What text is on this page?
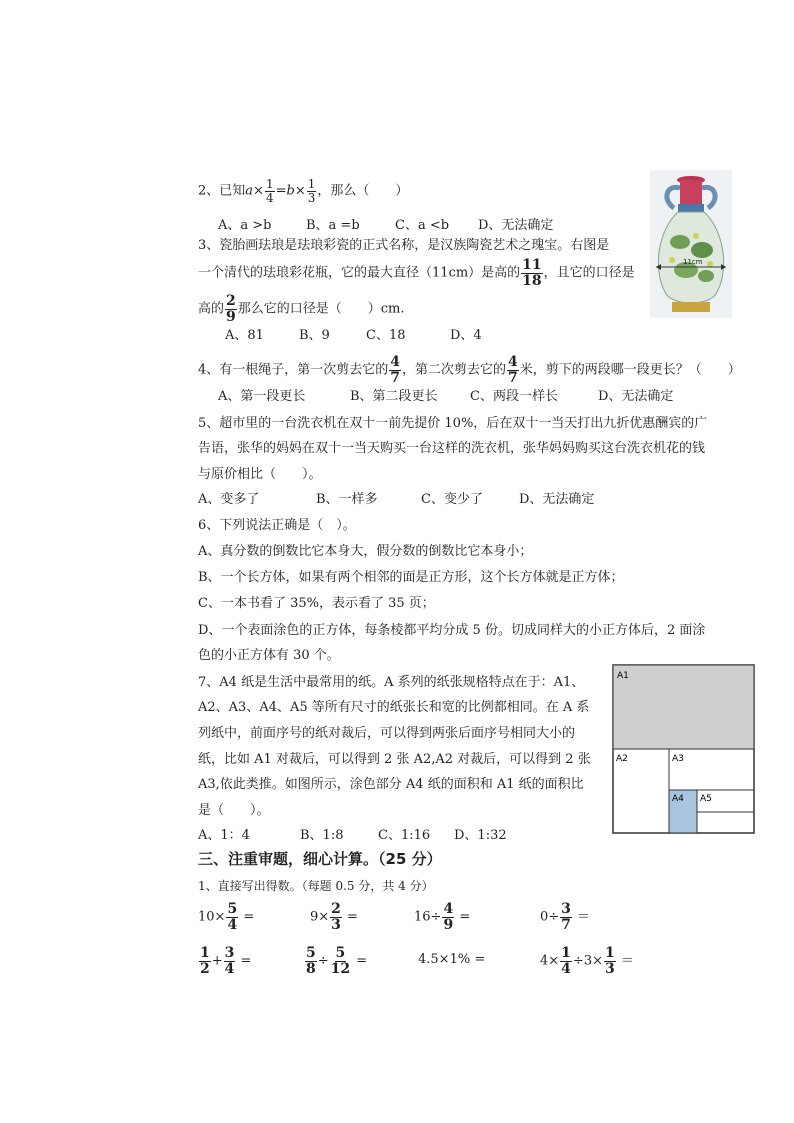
2、已知$a\times \frac{1}{4} =b\times \frac{1}{3}$ ，那么（　　）
A、a >b	B、a =b	C、a <b D、无法确定
3、瓷胎画珐琅是珐琅彩瓷的正式名称，是汉族陶瓷艺术之瑰宝。右图是
一个清代的珐琅彩花瓶，它的最大直径（11cm）是高的 $\frac{11}{18}$ ，且它的口径是
高的 $\frac{2}{9}$ 那么它的口径是（　　）cm.
A、81	B、9	C、18	D、4
11cm
4、有一根绳子，第一次剪去它的 $\frac{4}{7}$ ，第二次剪去它的 $\frac{4}{7}$ 米，剪下的两段哪一段更长？（　　）
A、第一段更长	B、第二段更长 C、两段一样长	D、无法确定
5、超市里的一台洗衣机在双十一前先提价 10%，后在双十一当天打出九折优惠酬宾的广
告语，张华的妈妈在双十一当天购买一台这样的洗衣机，张华妈妈购买这台洗衣机花的钱
与原价相比（　　）。
A、变多了	B、一样多	C、变少了	D、无法确定
6、下列说法正确是（　）。
A、真分数的倒数比它本身大，假分数的倒数比它本身小；
B、一个长方体，如果有两个相邻的面是正方形，这个长方体就是正方体；
C、一本书看了 35%，表示看了 35 页；
D、一个表面涂色的正方体，每条棱都平均分成 5 份。切成同样大的小正方体后，2 面涂
色的小正方体有 30 个。
7、A4 纸是生活中最常用的纸。A 系列的纸张规格特点在于：A1、
A2、A3、A4、A5 等所有尺寸的纸张长和宽的比例都相同。在 A 系
列纸中，前面序号的纸对裁后，可以得到两张后面序号相同大小的
纸，比如 A1 对裁后，可以得到 2 张 A2,A2 对裁后，可以得到 2 张
A3,依此类推。如图所示，涂色部分 A4 纸的面积和 A1 纸的面积比
是（　　）。
A、1：4	B、1:8	C、1:16 D、1:32
A1
A2	A3
A4 A5
三、注重审题，细心计算。（25 分）
1、直接写出得数。（每题 0.5 分，共 4 分）
$10\times \frac{5}{4}$ =	$9\times \frac{2}{3}$ =	$16\div \frac{4}{9}$ =	$0\div \frac{3}{7}$ ＝
$\frac{1}{2} + \frac{3}{4}$ =	$\frac{5}{8} \div \frac{5}{12}$ =	4.5×1% =	$4\times \frac{1}{4} \div 3\times \frac{1}{3}$ ＝
